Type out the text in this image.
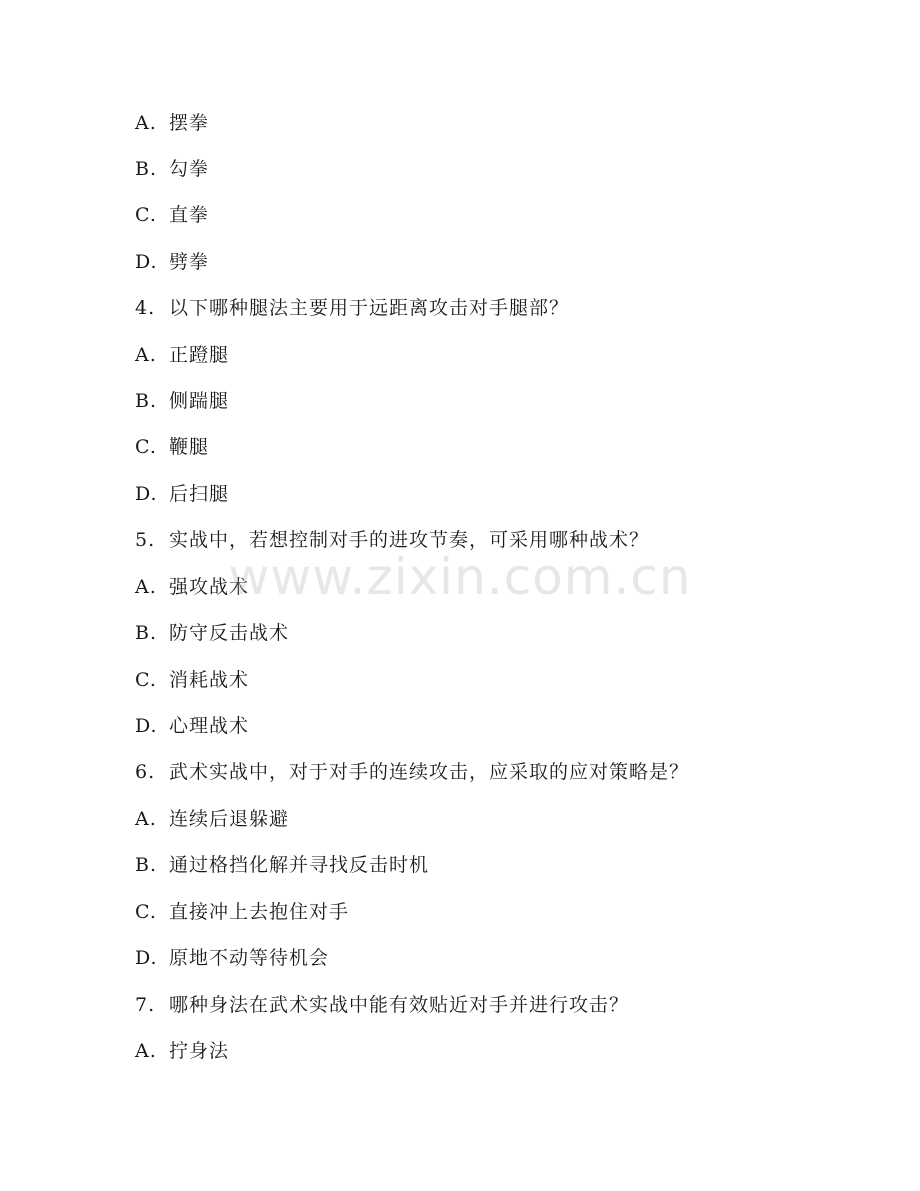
A. 摆拳
B. 勾拳
C. 直拳
D. 劈拳
4. 以下哪种腿法主要用于远距离攻击对手腿部？
A. 正蹬腿
B. 侧踹腿
C. 鞭腿
D. 后扫腿
5. 实战中，若想控制对手的进攻节奏，可采用哪种战术？
A. 强攻战术
B. 防守反击战术
C. 消耗战术
D. 心理战术
6. 武术实战中，对于对手的连续攻击，应采取的应对策略是？
A. 连续后退躲避
B. 通过格挡化解并寻找反击时机
C. 直接冲上去抱住对手
D. 原地不动等待机会
7. 哪种身法在武术实战中能有效贴近对手并进行攻击？
A. 拧身法
www.zixin.com.cn
